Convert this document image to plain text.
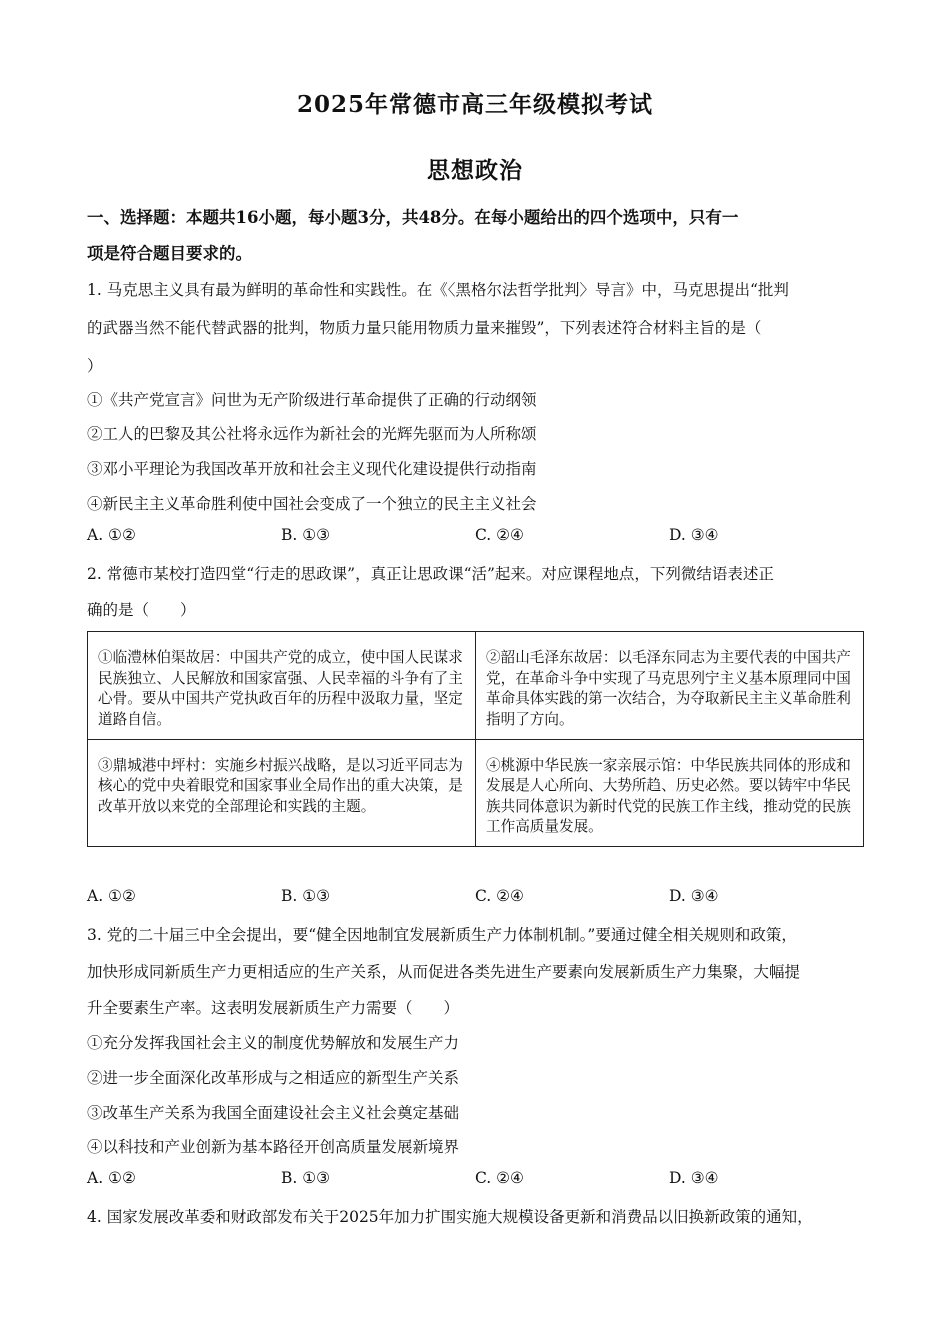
2025年常德市高三年级模拟考试
思想政治
一、选择题：本题共16小题，每小题3分，共48分。在每小题给出的四个选项中，只有一
项是符合题目要求的。
1. 马克思主义具有最为鲜明的革命性和实践性。在《〈黑格尔法哲学批判〉导言》中，马克思提出“批判
的武器当然不能代替武器的批判，物质力量只能用物质力量来摧毁”，下列表述符合材料主旨的是（
）
①《共产党宣言》问世为无产阶级进行革命提供了正确的行动纲领
②工人的巴黎及其公社将永远作为新社会的光辉先驱而为人所称颂
③邓小平理论为我国改革开放和社会主义现代化建设提供行动指南
④新民主主义革命胜利使中国社会变成了一个独立的民主主义社会
A. ①②	B. ①③	C. ②④	D. ③④
2. 常德市某校打造四堂“行走的思政课”，真正让思政课“活”起来。对应课程地点，下列微结语表述正
确的是（　　）
①临澧林伯渠故居：中国共产党的成立，使中国人民谋求民族独立、人民解放和国家富强、人民幸福的斗争有了主心骨。要从中国共产党执政百年的历程中汲取力量，坚定道路自信。	②韶山毛泽东故居：以毛泽东同志为主要代表的中国共产党，在革命斗争中实现了马克思列宁主义基本原理同中国革命具体实践的第一次结合，为夺取新民主主义革命胜利指明了方向。
③鼎城港中坪村：实施乡村振兴战略，是以习近平同志为核心的党中央着眼党和国家事业全局作出的重大决策，是改革开放以来党的全部理论和实践的主题。	④桃源中华民族一家亲展示馆：中华民族共同体的形成和发展是人心所向、大势所趋、历史必然。要以铸牢中华民族共同体意识为新时代党的民族工作主线，推动党的民族工作高质量发展。
A. ①②	B. ①③	C. ②④	D. ③④
3. 党的二十届三中全会提出，要“健全因地制宜发展新质生产力体制机制。”要通过健全相关规则和政策，
加快形成同新质生产力更相适应的生产关系，从而促进各类先进生产要素向发展新质生产力集聚，大幅提
升全要素生产率。这表明发展新质生产力需要（　　）
①充分发挥我国社会主义的制度优势解放和发展生产力
②进一步全面深化改革形成与之相适应的新型生产关系
③改革生产关系为我国全面建设社会主义社会奠定基础
④以科技和产业创新为基本路径开创高质量发展新境界
A. ①②	B. ①③	C. ②④	D. ③④
4. 国家发展改革委和财政部发布关于2025年加力扩围实施大规模设备更新和消费品以旧换新政策的通知，
